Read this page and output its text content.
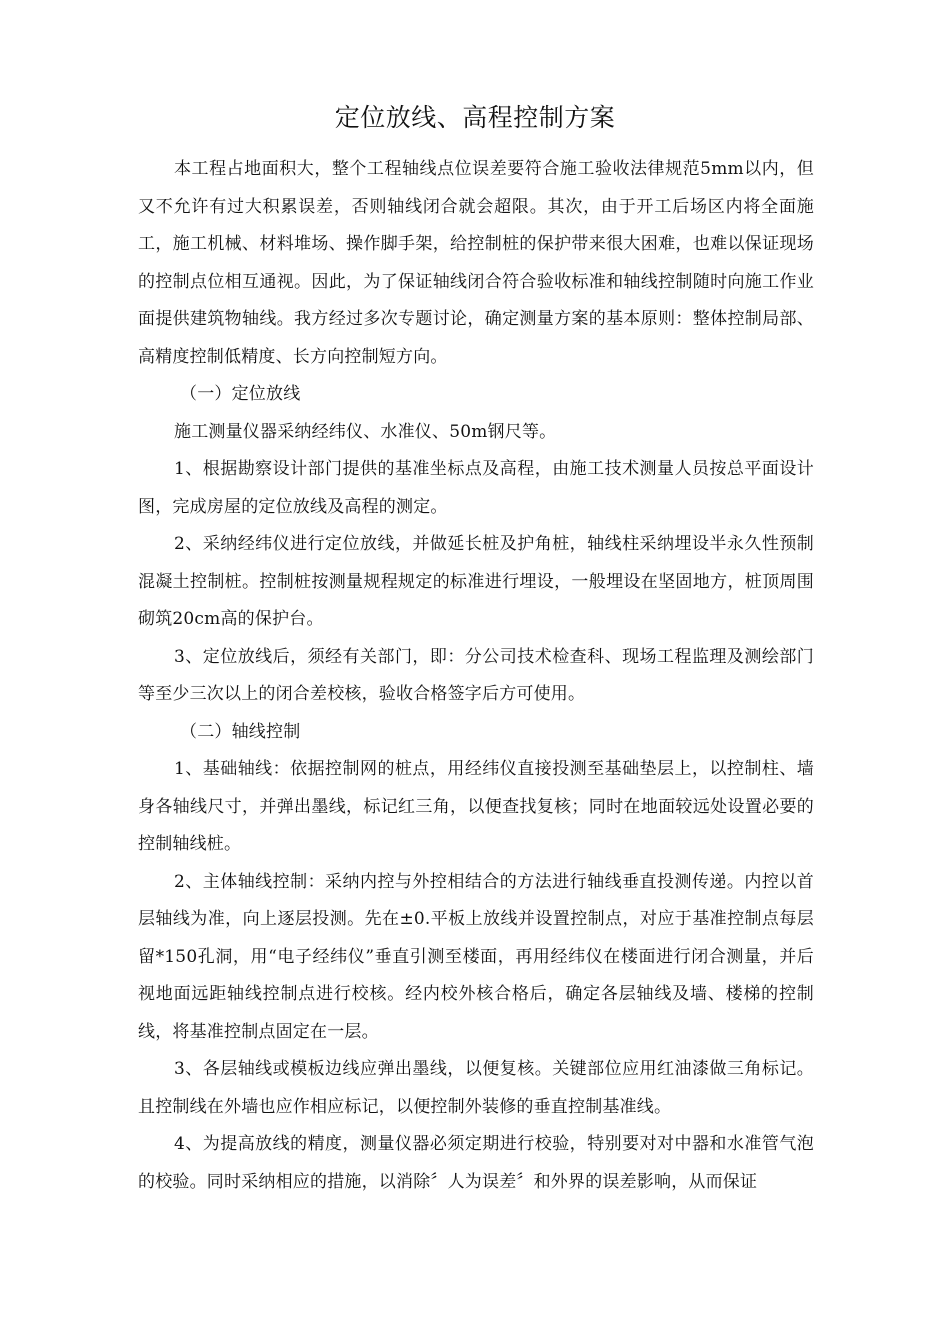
定位放线、高程控制方案

本工程占地面积大，整个工程轴线点位误差要符合施工验收法律规范5mm以内，但又不允许有过大积累误差，否则轴线闭合就会超限。其次，由于开工后场区内将全面施工，施工机械、材料堆场、操作脚手架，给控制桩的保护带来很大困难，也难以保证现场的控制点位相互通视。因此，为了保证轴线闭合符合验收标准和轴线控制随时向施工作业面提供建筑物轴线。我方经过多次专题讨论，确定测量方案的基本原则：整体控制局部、高精度控制低精度、长方向控制短方向。

（一）定位放线

施工测量仪器采纳经纬仪、水准仪、50m钢尺等。

1、根据勘察设计部门提供的基准坐标点及高程，由施工技术测量人员按总平面设计图，完成房屋的定位放线及高程的测定。

2、采纳经纬仪进行定位放线，并做延长桩及护角桩，轴线柱采纳埋设半永久性预制混凝土控制桩。控制桩按测量规程规定的标准进行埋设，一般埋设在坚固地方，桩顶周围砌筑20cm高的保护台。

3、定位放线后，须经有关部门，即：分公司技术检查科、现场工程监理及测绘部门等至少三次以上的闭合差校核，验收合格签字后方可使用。

（二）轴线控制

1、基础轴线：依据控制网的桩点，用经纬仪直接投测至基础垫层上，以控制柱、墙身各轴线尺寸，并弹出墨线，标记红三角，以便查找复核；同时在地面较远处设置必要的控制轴线桩。

2、主体轴线控制：采纳内控与外控相结合的方法进行轴线垂直投测传递。内控以首层轴线为准，向上逐层投测。先在±0.平板上放线并设置控制点，对应于基准控制点每层留*150孔洞，用“电子经纬仪”垂直引测至楼面，再用经纬仪在楼面进行闭合测量，并后视地面远距轴线控制点进行校核。经内校外核合格后，确定各层轴线及墙、楼梯的控制线，将基准控制点固定在一层。

3、各层轴线或模板边线应弹出墨线，以便复核。关键部位应用红油漆做三角标记。且控制线在外墙也应作相应标记，以便控制外装修的垂直控制基准线。

4、为提高放线的精度，测量仪器必须定期进行校验，特别要对对中器和水准管气泡的校验。同时采纳相应的措施，以消除〞人为误差〞和外界的误差影响，从而保证
